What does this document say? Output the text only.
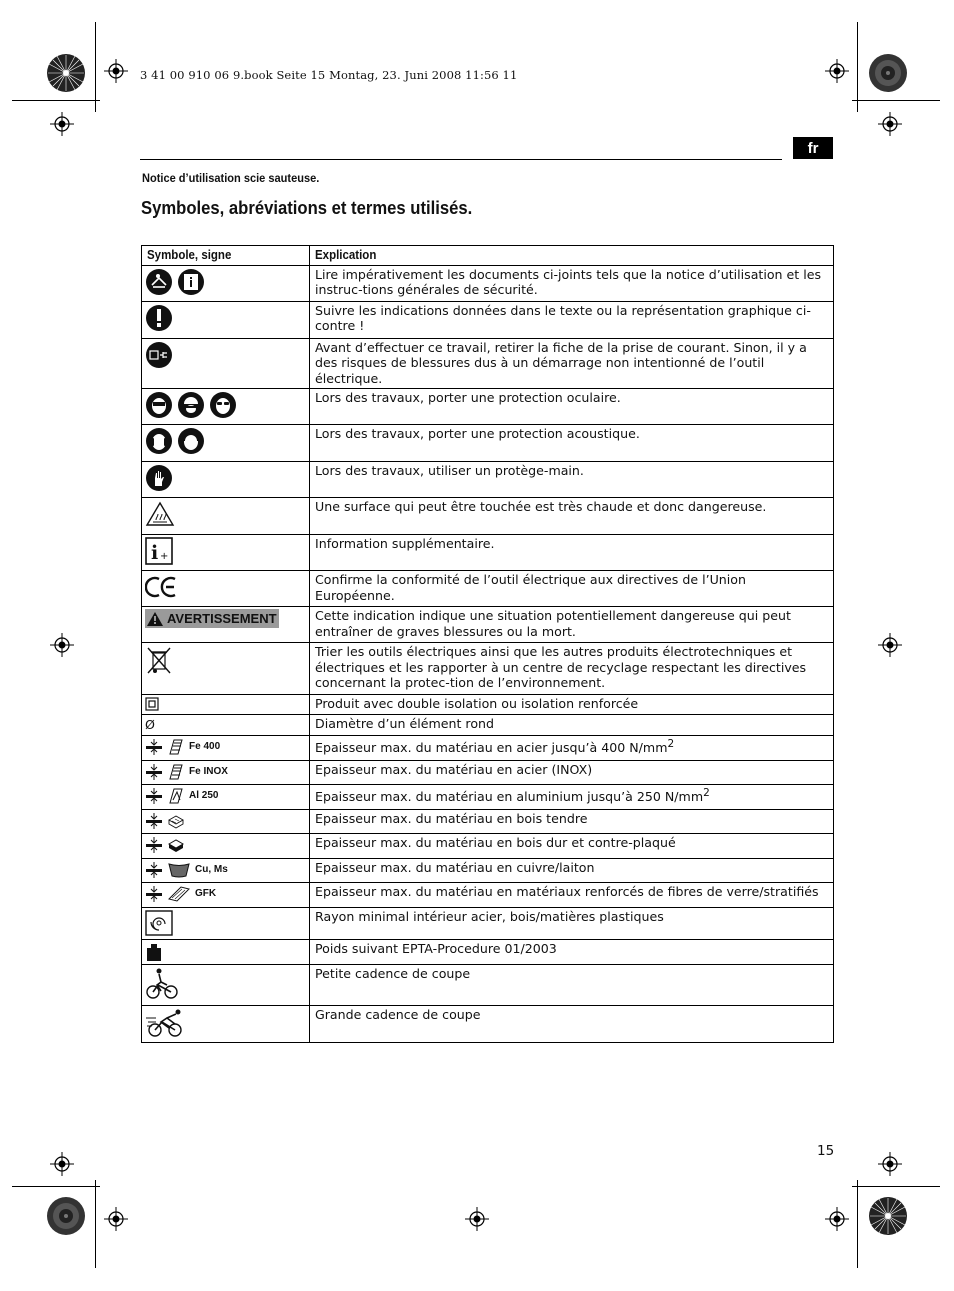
3 41 00 910 06 9.book Seite 15 Montag, 23. Juni 2008 11:56 11
fr
Notice d’utilisation scie sauteuse.
Symboles, abréviations et termes utilisés.
Symbole, signe	Explication

	Lire impérativement les documents ci-joints tels que la notice d’utilisation et les instruc-tions générales de sécurité.

	Suivre les indications données dans le texte ou la représentation graphique ci-contre !

	Avant d’effectuer ce travail, retirer la fiche de la prise de courant. Sinon, il y a des risques de blessures dus à un démarrage non intentionné de l’outil électrique.

	Lors des travaux, porter une protection oculaire.

	Lors des travaux, porter une protection acoustique.

	Lors des travaux, utiliser un protège-main.

	Une surface qui peut être touchée est très chaude et donc dangereuse.

i +	Information supplémentaire.

	Confirme la conformité de l’outil électrique aux directives de l’Union Européenne.

AVERTISSEMENT	Cette indication indique une situation potentiellement dangereuse qui peut entraîner de graves blessures ou la mort.

	Trier les outils électriques ainsi que les autres produits électrotechniques et électriques et les rapporter à un centre de recyclage respectant les directives concernant la protec-tion de l’environnement.

	Produit avec double isolation ou isolation renforcée
Ø	Diamètre d’un élément rond

Fe 400	Epaisseur max. du matériau en acier jusqu’à 400 $N/mm^2$

Fe INOX	Epaisseur max. du matériau en acier (INOX)

Al 250	Epaisseur max. du matériau en aluminium jusqu’à 250 $N/mm^2$

	Epaisseur max. du matériau en bois tendre

	Epaisseur max. du matériau en bois dur et contre-plaqué

Cu, Ms	Epaisseur max. du matériau en cuivre/laiton

GFK	Epaisseur max. du matériau en matériaux renforcés de fibres de verre/stratifiés

	Rayon minimal intérieur acier, bois/matières plastiques

	Poids suivant EPTA-Procedure 01/2003

	Petite cadence de coupe

	Grande cadence de coupe
15
